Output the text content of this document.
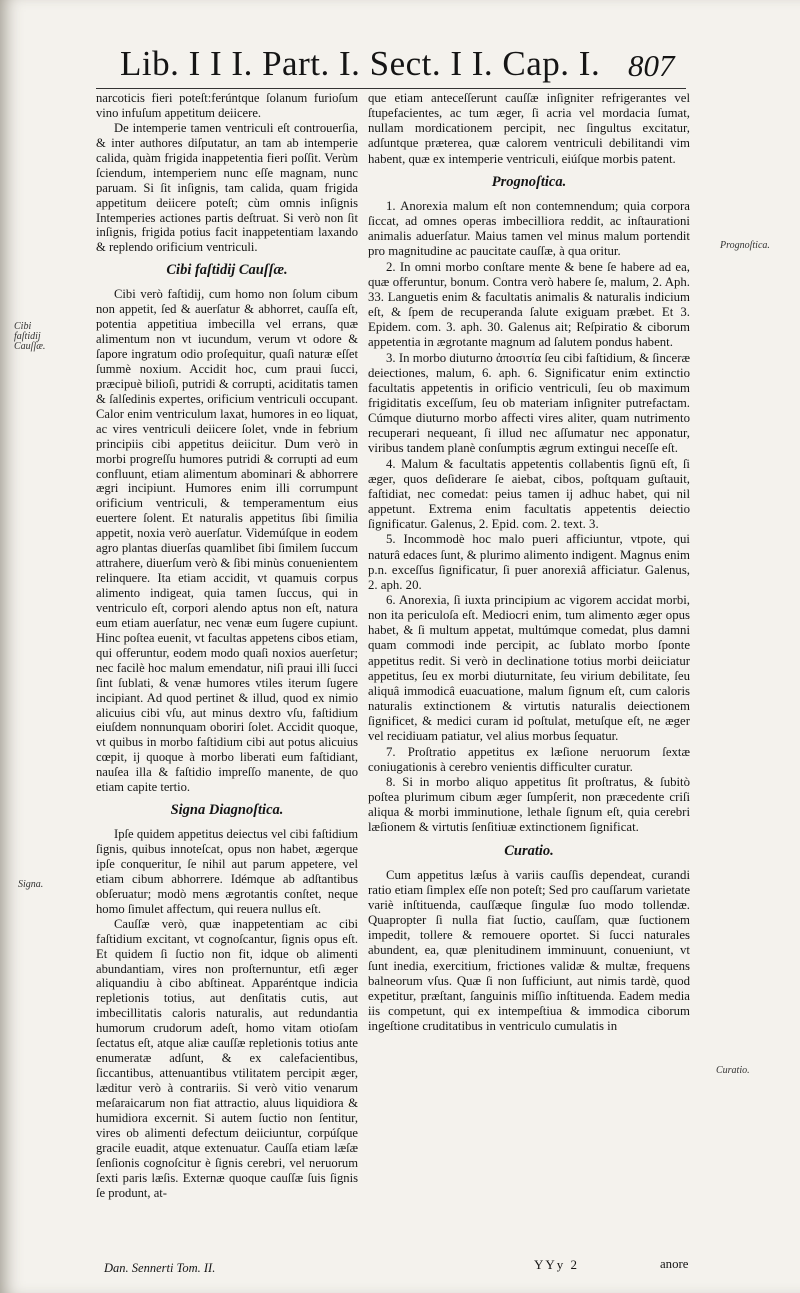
Lib. I I I. Part. I. Sect. I I. Cap. I. 807

narcoticis fieri poteſt:ferúntque ſolanum furioſum vino infuſum appetitum deiicere.

De intemperie tamen ventriculi eſt controuerſia, & inter authores diſputatur, an tam ab intemperie calida, quàm frigida inappetentia fieri poſſit. Verùm ſciendum, intemperiem nunc eſſe magnam, nunc paruam. Si ſit inſignis, tam calida, quam frigida appetitum deiicere poteſt; cùm omnis inſignis Intemperies actiones partis deſtruat. Si verò non ſit inſignis, frigida potius facit inappetentiam laxando & replendo orificium ventriculi.

Cibi faſtidij Cauſſæ.

Cibi verò faſtidij, cum homo non ſolum cibum non appetit, ſed & auerſatur & abhorret, cauſſa eſt, potentia appetitiua imbecilla vel errans, quæ alimentum non vt iucundum, verum vt odore & ſapore ingratum odio proſequitur, quaſi naturæ eſſet ſummè noxium. Accidit hoc, cum praui ſucci, præcipuè bilioſi, putridi & corrupti, aciditatis tamen & ſalſedinis expertes, orificium ventriculi occupant. Calor enim ventriculum laxat, humores in eo liquat, ac vires ventriculi deiicere ſolet, vnde in febrium principiis cibi appetitus deiicitur. Dum verò in morbi progreſſu humores putridi & corrupti ad eum confluunt, etiam alimentum abominari & abhorrere ægri incipiunt. Humores enim illi corrumpunt orificium ventriculi, & temperamentum eius euertere ſolent. Et naturalis appetitus ſibi ſimilia appetit, noxia verò auerſatur. Videmúſque in eodem agro plantas diuerſas quamlibet ſibi ſimilem ſuccum attrahere, diuerſum verò & ſibi minùs conuenientem relinquere. Ita etiam accidit, vt quamuis corpus alimento indigeat, quia tamen ſuccus, qui in ventriculo eſt, corpori alendo aptus non eſt, natura eum etiam auerſatur, nec venæ eum ſugere cupiunt. Hinc poſtea euenit, vt facultas appetens cibos etiam, qui offeruntur, eodem modo quaſi noxios auerſetur; nec facilè hoc malum emendatur, niſi praui illi ſucci ſint ſublati, & venæ humores vtiles iterum ſugere incipiant. Ad quod pertinet & illud, quod ex nimio alicuius cibi vſu, aut minus dextro vſu, faſtidium eiuſdem nonnunquam oboriri ſolet. Accidit quoque, vt quibus in morbo faſtidium cibi aut potus alicuius cœpit, ij quoque à morbo liberati eum faſtidiant, nauſea illa & faſtidio impreſſo manente, de quo etiam capite tertio.

Signa Diagnoſtica.

Ipſe quidem appetitus deiectus vel cibi faſtidium ſignis, quibus innoteſcat, opus non habet, ægerque ipſe conqueritur, ſe nihil aut parum appetere, vel etiam cibum abhorrere. Idémque ab adſtantibus obſeruatur; modò mens ægrotantis conſtet, neque homo ſimulet affectum, qui reuera nullus eſt.

Cauſſæ verò, quæ inappetentiam ac cibi faſtidium excitant, vt cognoſcantur, ſignis opus eſt. Et quidem ſi ſuctio non fit, idque ob alimenti abundantiam, vires non proſternuntur, etſi æger aliquandiu à cibo abſtineat. Apparéntque indicia repletionis totius, aut denſitatis cutis, aut imbecillitatis caloris naturalis, aut redundantia humorum crudorum adeſt, homo vitam otioſam ſectatus eſt, atque aliæ cauſſæ repletionis totius ante enumeratæ adſunt, & ex calefacientibus, ſiccantibus, attenuantibus vtilitatem percipit æger, læditur verò à contrariis. Si verò vitio venarum meſaraicarum non fiat attractio, aluus liquidiora & humidiora excernit. Si autem ſuctio non ſentitur, vires ob alimenti defectum deiiciuntur, corpúſque gracile euadit, atque extenuatur. Cauſſa etiam læſæ ſenſionis cognoſcitur è ſignis cerebri, vel neruorum ſexti paris læſis. Externæ quoque cauſſæ ſuis ſignis ſe produnt, at-

que etiam anteceſſerunt cauſſæ inſigniter refrigerantes vel ſtupefacientes, ac tum æger, ſi acria vel mordacia ſumat, nullam mordicationem percipit, nec ſingultus excitatur, adſuntque præterea, quæ calorem ventriculi debilitandi vim habent, quæ ex intemperie ventriculi, eiúſque morbis patent.

Prognoſtica.

1. Anorexia malum eſt non contemnendum; quia corpora ſiccat, ad omnes operas imbecilliora reddit, ac inſtaurationi animalis aduerſatur. Maius tamen vel minus malum portendit pro magnitudine ac paucitate cauſſæ, à qua oritur.

2. In omni morbo conſtare mente & bene ſe habere ad ea, quæ offeruntur, bonum. Contra verò habere ſe, malum, 2. Aph. 33. Languetis enim & facultatis animalis & naturalis indicium eſt, & ſpem de recuperanda ſalute exiguam præbet. Et 3. Epidem. com. 3. aph. 30. Galenus ait; Reſpiratio & ciborum appetentia in ægrotante magnum ad ſalutem pondus habent.

3. In morbo diuturno ἀποσιτία ſeu cibi faſtidium, & ſinceræ deiectiones, malum, 6. aph. 6. Significatur enim extinctio facultatis appetentis in orificio ventriculi, ſeu ob maximum frigiditatis exceſſum, ſeu ob materiam inſigniter putrefactam. Cúmque diuturno morbo affecti vires aliter, quam nutrimento recuperari nequeant, ſi illud nec aſſumatur nec apponatur, viribus tandem planè conſumptis ægrum extingui neceſſe eſt.

4. Malum & facultatis appetentis collabentis ſignū eſt, ſi æger, quos deſiderare ſe aiebat, cibos, poſtquam guſtauit, faſtidiat, nec comedat: peius tamen ij adhuc habet, qui nil appetunt. Extrema enim facultatis appetentis deiectio ſignificatur. Galenus, 2. Epid. com. 2. text. 3.

5. Incommodè hoc malo pueri afficiuntur, vtpote, qui naturâ edaces ſunt, & plurimo alimento indigent. Magnus enim p.n. exceſſus ſignificatur, ſi puer anorexiâ afficiatur. Galenus, 2. aph. 20.

6. Anorexia, ſi iuxta principium ac vigorem accidat morbi, non ita periculoſa eſt. Mediocri enim, tum alimento æger opus habet, & ſi multum appetat, multúmque comedat, plus damni quam commodi inde percipit, ac ſublato morbo ſponte appetitus redit. Si verò in declinatione totius morbi deiiciatur appetitus, ſeu ex morbi diuturnitate, ſeu virium debilitate, ſeu aliquâ immodicâ euacuatione, malum ſignum eſt, cum caloris naturalis extinctionem & virtutis naturalis deiectionem ſignificet, & medici curam id poſtulat, metuſque eſt, ne æger vel recidiuam patiatur, vel alius morbus ſequatur.

7. Proſtratio appetitus ex læſione neruorum ſextæ coniugationis à cerebro venientis difficulter curatur.

8. Si in morbo aliquo appetitus ſit proſtratus, & ſubitò poſtea plurimum cibum æger ſumpſerit, non præcedente criſi aliqua & morbi imminutione, lethale ſignum eſt, quia cerebri læſionem & virtutis ſenſitiuæ extinctionem ſignificat.

Curatio.

Cum appetitus læſus à variis cauſſis dependeat, curandi ratio etiam ſimplex eſſe non poteſt; Sed pro cauſſarum varietate variè inſtituenda, cauſſæque ſingulæ ſuo modo tollendæ. Quapropter ſi nulla fiat ſuctio, cauſſam, quæ ſuctionem impedit, tollere & remouere oportet. Si ſucci naturales abundent, ea, quæ plenitudinem imminuunt, conueniunt, vt ſunt inedia, exercitium, frictiones validæ & multæ, frequens balneorum vſus. Quæ ſi non ſufficiunt, aut nimis tardè, quod expetitur, præſtant, ſanguinis miſſio inſtituenda. Eadem media iis competunt, qui ex intempeſtiua & immodica ciborum ingeſtione cruditatibus in ventriculo cumulatis in

Cibi faſtidij Cauſſæ.
Signa.
Prognoſtica.
Curatio.
Dan. Sennerti Tom. II.	YYy 2	anore
